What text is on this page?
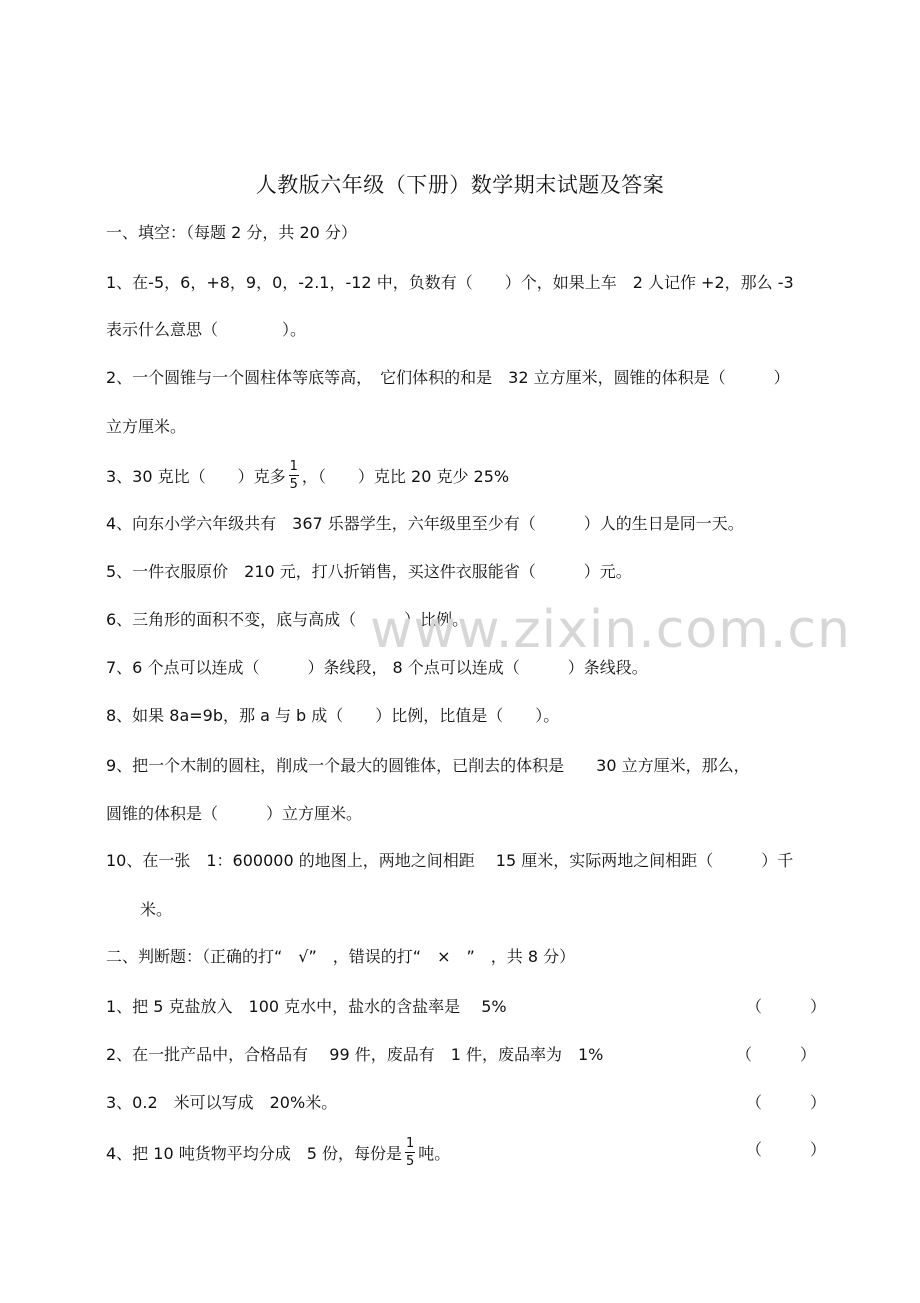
人教版六年级（下册）数学期末试题及答案
一、填空：（每题 2 分，共 20 分）
1、在-5，6，+8，9，0，-2.1，-12 中，负数有（　　）个，如果上车　2 人记作 +2，那么 -3
表示什么意思（　　　　）。
2、一个圆锥与一个圆柱体等底等高，　它们体积的和是　32 立方厘米，圆锥的体积是（　　　）
立方厘米。
3、30 克比（　　）克多 $\frac{1}{5}$ ，（　　）克比 20 克少 25%
4、向东小学六年级共有　367 乐器学生，六年级里至少有（　　　）人的生日是同一天。
5、一件衣服原价　210 元，打八折销售，买这件衣服能省（　　　）元。
6、三角形的面积不变，底与高成（　　　）比例。
7、6 个点可以连成（　　　）条线段， 8 个点可以连成（　　　）条线段。
8、如果 8a=9b，那 a 与 b 成（　　）比例，比值是（　　）。
9、把一个木制的圆柱，削成一个最大的圆锥体，已削去的体积是　　30 立方厘米，那么，
圆锥的体积是（　　　）立方厘米。
10、在一张　1：600000 的地图上，两地之间相距　 15 厘米，实际两地之间相距（　　　）千
米。
二、判断题：（正确的打“　√”　，错误的打“　×　”　，共 8 分）
1、把 5 克盐放入　100 克水中，盐水的含盐率是　 5%	（　　　）
2、在一批产品中，合格品有　 99 件，废品有　1 件，废品率为　1%	（　　　）
3、0.2　米可以写成　20%米。	（　　　）
4、把 10 吨货物平均分成　5 份，每份是 $\frac{1}{5}$ 吨。	（　　　）
www.zixin.com.cn
